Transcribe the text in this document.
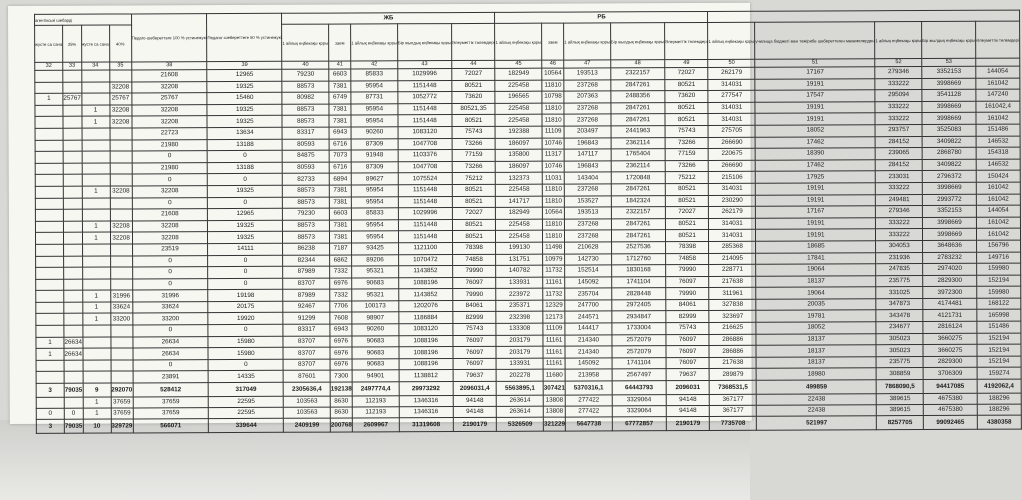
агентікські шебарді				Педаго-шебереттеге 100 % устинежукі	Педагог-шебереттеге 50 % устинежукі	ЖБ					РБ									
жусте са сана	35%	жусте са сана	40%			1 айлық еңбекақы қоры	заем	1 айлық еңбекақы қоры	Бір жылдық еңбекақы қоры	Әлеуметтік төлемдері	1 айлық еңбекақы қоры	заем	1 айлық еңбекақы қоры	Бір жылдық еңбекақы қоры	Әлеуметтік төлемдері	1 айлық еңбекақы қоры	училища бюджеті мен тәжірибе шебереттеген мекемелерден	1 айлық еңбекақы қоры	Бір жылдық еңбекақы қоры	Әлеуметтік төлемдері
32	33	34	35	38	39	40	41	42	43	44	45	46	47	48	49	50	51	52	53	
				21608	12965	79230	6603	85833	1029996	72027	182949	10564	193513	2322157	72027	262179	17167	279346	3352153	144054
			32208	32208	19325	88573	7381	95954	1151448	80521	225458	11810	237268	2847261	80521	314031	19191	333222	3998669	161042
1	25767		25767	25767	15460	80982	6749	87731	1052772	73620	196565	10798	207363	2488356	73620	277547	17547	295094	3541128	147240
		1	32208	32208	19325	88573	7381	95954	1151448	80521,35	225458	11810	237268	2847261	80521	314031	19191	333222	3998669	161042,4
		1	32208	32208	19325	88573	7381	95954	1151448	80521	225458	11810	237268	2847261	80521	314031	19191	333222	3998669	161042
				22723	13634	83317	6943	90260	1083120	75743	192388	11109	203497	2441963	75743	275705	18052	293757	3525083	151486
				21980	13188	80593	6716	87309	1047708	73266	186097	10746	196843	2362114	73266	266690	17462	284152	3409822	146532
				0	0	84875	7073	91948	1103376	77159	135800	11317	147117	1765404	77159	220675	18390	239065	2868780	154318
				21980	13188	80593	6716	87309	1047708	73266	186097	10746	196843	2362114	73266	266690	17462	284152	3409822	146532
				0	0	82733	6894	89627	1075524	75212	132373	11031	143404	1720848	75212	215106	17925	233031	2796372	150424
		1	32208	32208	19325	88573	7381	95954	1151448	80521	225458	11810	237268	2847261	80521	314031	19191	333222	3998669	161042
				0	0	88573	7381	95954	1151448	80521	141717	11810	153527	1842324	80521	230290	19191	249481	2993772	161042
				21608	12965	79230	6603	85833	1029996	72027	182949	10564	193513	2322157	72027	262179	17167	279346	3352153	144054
		1	32208	32208	19325	88573	7381	95954	1151448	80521	225458	11810	237268	2847261	80521	314031	19191	333222	3998669	161042
		1	32208	32208	19325	88573	7381	95954	1151448	80521	225458	11810	237268	2847261	80521	314031	19191	333222	3998669	161042
				23519	14111	86238	7187	93425	1121100	78398	199130	11498	210628	2527536	78398	285368	18685	304053	3648636	156796
				0	0	82344	6862	89206	1070472	74858	131751	10979	142730	1712760	74858	214095	17841	231936	2783232	149716
				0	0	87989	7332	95321	1143852	79990	140782	11732	152514	1830168	79990	228771	19064	247835	2974020	159980
				0	0	83707	6976	90683	1088196	76097	133931	11161	145092	1741104	76097	217638	18137	235775	2829300	152194
		1	31996	31996	19198	87989	7332	95321	1143852	79990	223972	11732	235704	2828448	79990	311961	19064	331025	3972300	159980
		1	33624	33624	20175	92467	7706	100173	1202076	84061	235371	12329	247700	2972405	84061	327838	20035	347873	4174481	168122
		1	33200	33200	19920	91299	7608	98907	1186884	82999	232398	12173	244571	2934847	82999	323697	19781	343478	4121731	165998
				0	0	83317	6943	90260	1083120	75743	133308	11109	144417	1733004	75743	216625	18052	234677	2816124	151486
1	26634			26634	15980	83707	6976	90683	1088196	76097	203179	11161	214340	2572079	76097	286886	18137	305023	3660275	152194
1	26634			26634	15980	83707	6976	90683	1088196	76097	203179	11161	214340	2572079	76097	286886	18137	305023	3660275	152194
				0	0	83707	6976	90683	1088196	76097	133931	11161	145092	1741104	76097	217638	18137	235775	2829300	152194
				23891	14335	87601	7300	94901	1138812	79637	202278	11680	213958	2567497	79637	289879	18980	308859	3706309	159274
3	79035	9	292070	528412	317049	2305636,4	192138	2497774,4	29973292	2096031,4	5563895,1	307421	5370316,1	64443793	2096031	7368531,5	499859	7868090,5	94417085	4192062,4
		1	37659	37659	22595	103563	8630	112193	1346316	94148	263614	13808	277422	3329064	94148	367177	22438	389615	4675380	188296
0	0	1	37659	37659	22595	103563	8630	112193	1346316	94148	263614	13808	277422	3329064	94148	367177	22438	389615	4675380	188296
3	79035	10	329729	566071	339644	2409199	200768	2609967	31319608	2190179	5326509	321229	5647738	67772857	2190179	7735708	521997	8257705	99092465	4380358
